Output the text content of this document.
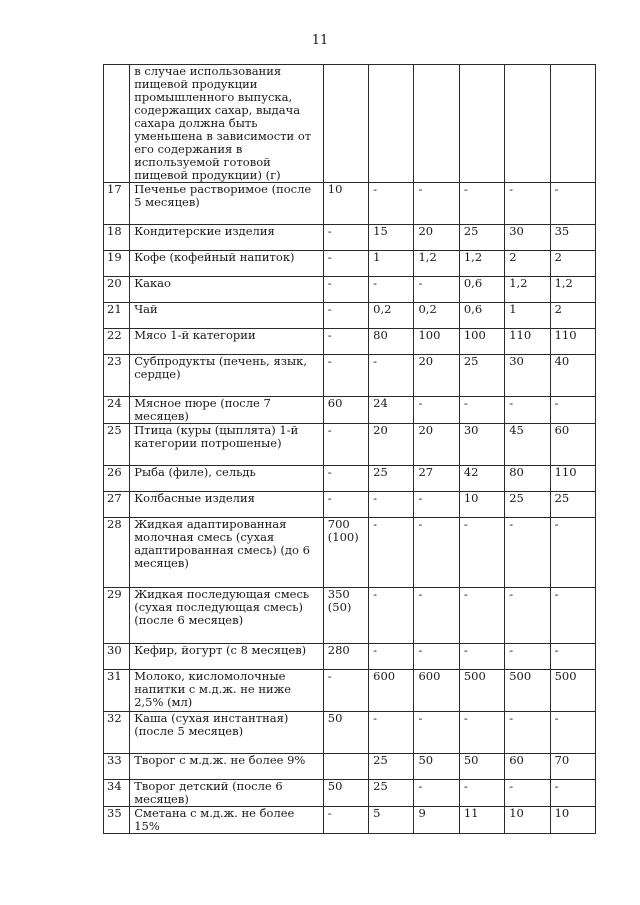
11
	в случае использования пищевой продукции промышленного выпуска, содержащих сахар, выдача сахара должна быть уменьшена в зависимости от его содержания в используемой готовой пищевой продукции) (г)						
17	Печенье растворимое (после 5 месяцев)	10	-	-	-	-	-
18	Кондитерские изделия	-	15	20	25	30	35
19	Кофе (кофейный напиток)	-	1	1,2	1,2	2	2
20	Какао	-	-	-	0,6	1,2	1,2
21	Чай	-	0,2	0,2	0,6	1	2
22	Мясо 1-й категории	-	80	100	100	110	110
23	Субпродукты (печень, язык, сердце)	-	-	20	25	30	40
24	Мясное пюре (после 7 месяцев)	60	24	-	-	-	-
25	Птица (куры (цыплята) 1-й категории потрошеные)	-	20	20	30	45	60
26	Рыба (филе), сельдь	-	25	27	42	80	110
27	Колбасные изделия	-	-	-	10	25	25
28	Жидкая адаптированная молочная смесь (сухая адаптированная смесь) (до 6 месяцев)	700 (100)	-	-	-	-	-
29	Жидкая последующая смесь (сухая последующая смесь) (после 6 месяцев)	350 (50)	-	-	-	-	-
30	Кефир, йогурт (с 8 месяцев)	280	-	-	-	-	-
31	Молоко, кисломолочные напитки с м.д.ж. не ниже 2,5% (мл)	-	600	600	500	500	500
32	Каша (сухая инстантная) (после 5 месяцев)	50	-	-	-	-	-
33	Творог с м.д.ж. не более 9%		25	50	50	60	70
34	Творог детский (после 6 месяцев)	50	25	-	-	-	-
35	Сметана с м.д.ж. не более 15%	-	5	9	11	10	10
